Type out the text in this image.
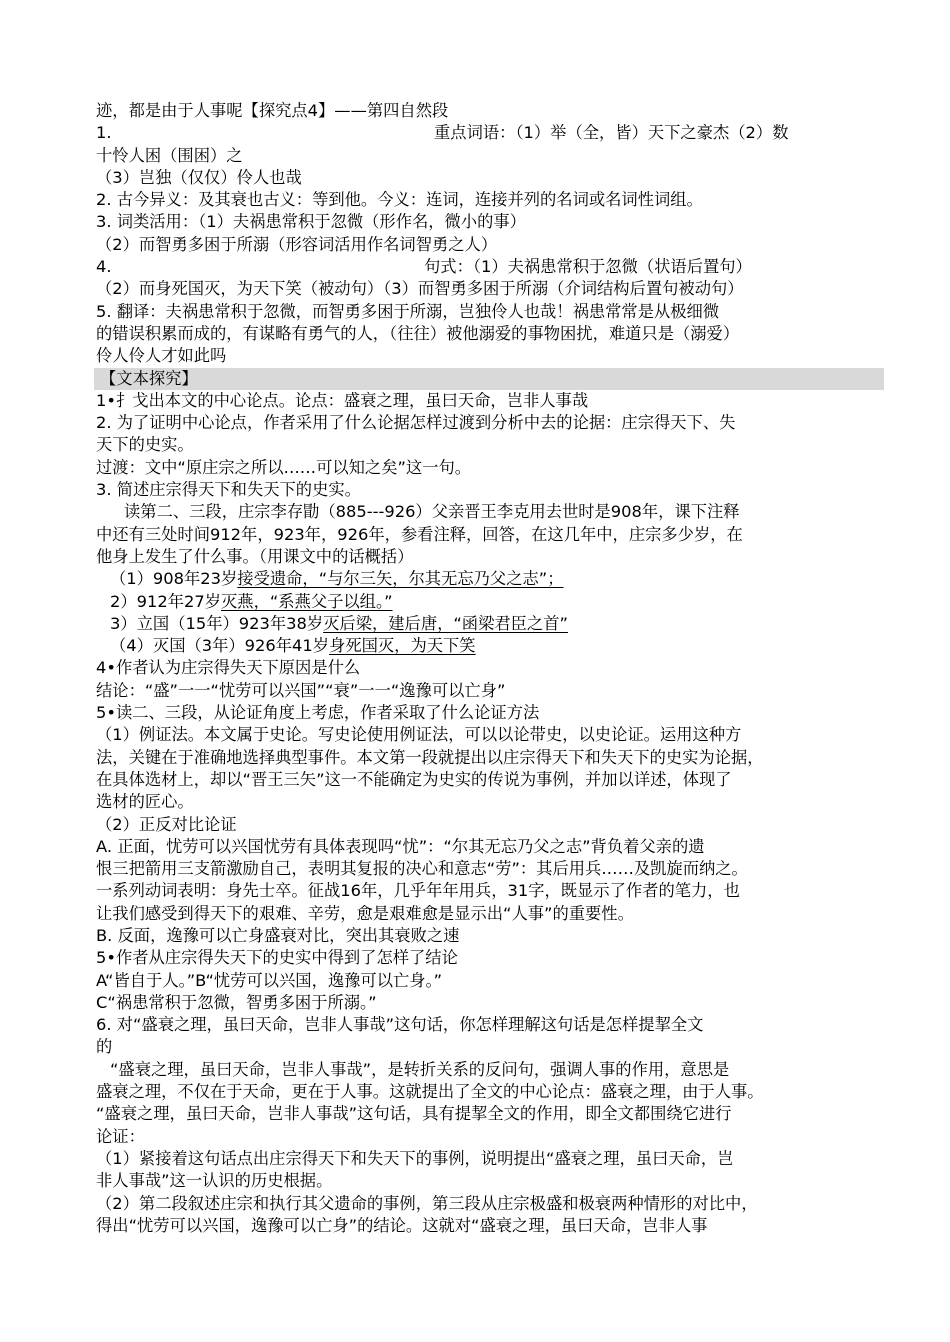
迹，都是由于人事呢【探究点4】——第四自然段
1.	重点词语：（1）举（全，皆）天下之豪杰（2）数
十怜人困（围困）之
（3）岂独（仅仅）伶人也哉
2. 古今异义：及其衰也古义：等到他。今义：连词，连接并列的名词或名词性词组。
3. 词类活用：（1）夫祸患常积于忽微（形作名，微小的事）
（2）而智勇多困于所溺（形容词活用作名词智勇之人）
4.	句式：（1）夫祸患常积于忽微（状语后置句）
（2）而身死国灭，为天下笑（被动句）（3）而智勇多困于所溺（介词结构后置句被动句）
5. 翻译：夫祸患常积于忽微，而智勇多困于所溺，岂独伶人也哉！祸患常常是从极细微
的错误积累而成的，有谋略有勇气的人，（往往）被他溺爱的事物困扰，难道只是（溺爱）
伶人伶人才如此吗
【文本探究】
1•扌戈出本文的中心论点。论点：盛衰之理，虽曰天命，岂非人事哉
2. 为了证明中心论点，作者采用了什么论据怎样过渡到分析中去的论据：庄宗得天下、失
天下的史实。
过渡：文中“原庄宗之所以……可以知之矣”这一句。
3. 简述庄宗得天下和失天下的史实。
读第二、三段，庄宗李存勖（885---926）父亲晋王李克用去世时是908年，课下注释
中还有三处时间912年，923年，926年，参看注释，回答，在这几年中，庄宗多少岁，在
他身上发生了什么事。（用课文中的话概括）
（1）908年23岁接受遗命，“与尔三矢，尔其无忘乃父之志”；
2）912年27岁灭燕，“系燕父子以组。”
3）立国（15年）923年38岁灭后梁，建后唐，“函梁君臣之首”
（4）灭国（3年）926年41岁身死国灭，为天下笑
4•作者认为庄宗得失天下原因是什么
结论：“盛”一一“忧劳可以兴国”“衰”一一“逸豫可以亡身”
5•读二、三段，从论证角度上考虑，作者采取了什么论证方法
（1）例证法。本文属于史论。写史论使用例证法，可以以论带史，以史论证。运用这种方
法，关键在于准确地选择典型事件。本文第一段就提出以庄宗得天下和失天下的史实为论据，
在具体选材上，却以“晋王三矢”这一不能确定为史实的传说为事例，并加以详述，体现了
选材的匠心。
（2）正反对比论证
A. 正面，忧劳可以兴国忧劳有具体表现吗“忧”：“尔其无忘乃父之志”背负着父亲的遗
恨三把箭用三支箭激励自己，表明其复报的决心和意志“劳”：其后用兵……及凯旋而纳之。
一系列动词表明：身先士卒。征战16年，几乎年年用兵，31字，既显示了作者的笔力，也
让我们感受到得天下的艰难、辛劳，愈是艰难愈是显示出“人事”的重要性。
B. 反面，逸豫可以亡身盛衰对比，突出其衰败之速
5•作者从庄宗得失天下的史实中得到了怎样了结论
A“皆自于人。”B“忧劳可以兴国，逸豫可以亡身。”
C“祸患常积于忽微，智勇多困于所溺。”
6. 对“盛衰之理，虽曰天命，岂非人事哉”这句话，你怎样理解这句话是怎样提挈全文
的
“盛衰之理，虽曰天命，岂非人事哉”，是转折关系的反问句，强调人事的作用，意思是
盛衰之理，不仅在于天命，更在于人事。这就提出了全文的中心论点：盛衰之理，由于人事。
“盛衰之理，虽曰天命，岂非人事哉”这句话，具有提挈全文的作用，即全文都围绕它进行
论证：
（1）紧接着这句话点出庄宗得天下和失天下的事例，说明提出“盛衰之理，虽曰天命，岂
非人事哉”这一认识的历史根据。
（2）第二段叙述庄宗和执行其父遗命的事例，第三段从庄宗极盛和极衰两种情形的对比中，
得出“忧劳可以兴国，逸豫可以亡身”的结论。这就对“盛衰之理，虽曰天命，岂非人事
